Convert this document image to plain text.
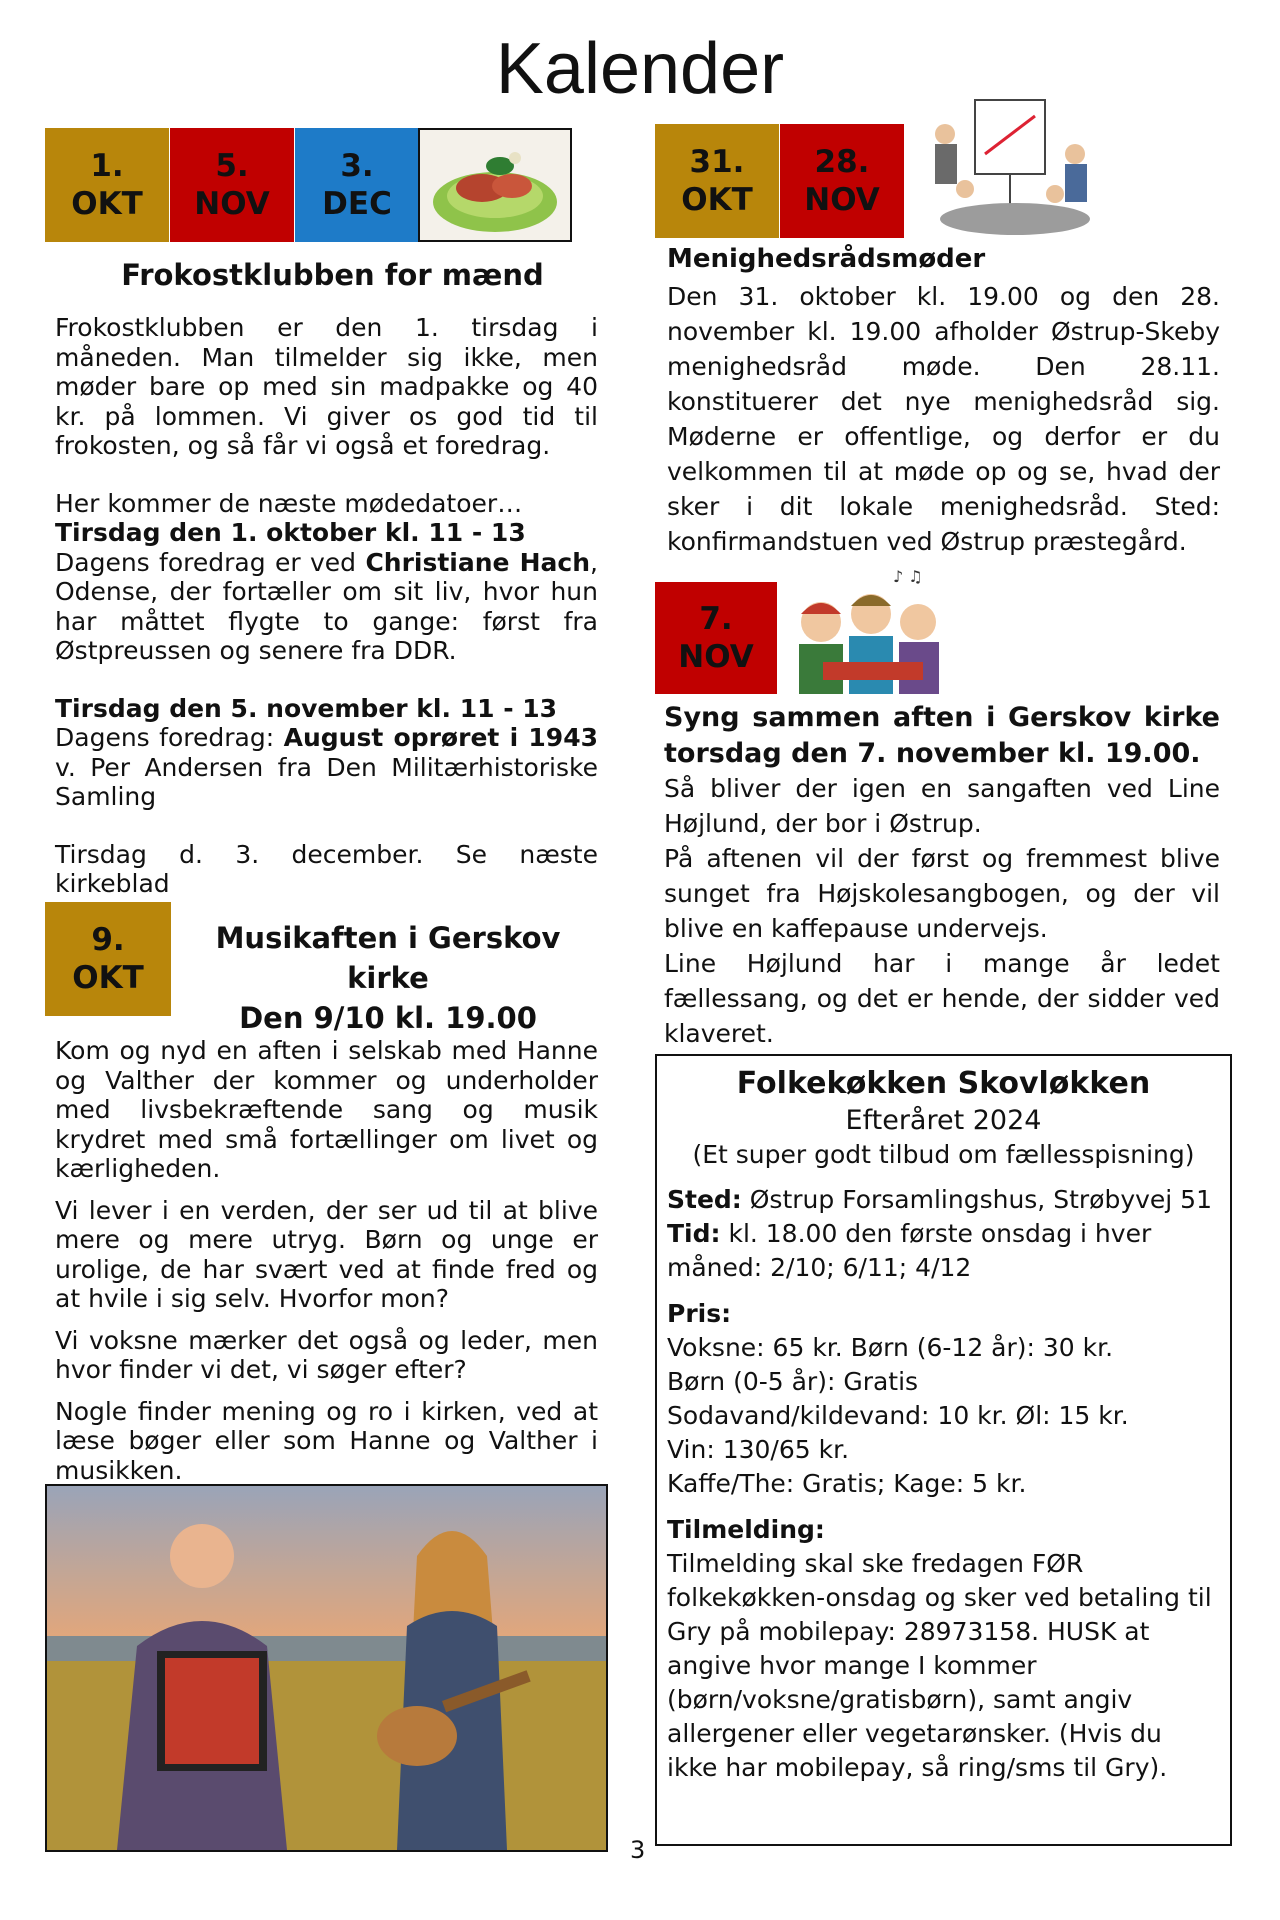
Kalender
1.
OKT
5.
NOV
3.
DEC
Frokostklubben for mænd

Frokostklubben er den 1. tirsdag i måneden. Man tilmelder sig ikke, men møder bare op med sin madpakke og 40 kr. på lommen. Vi giver os god tid til frokosten, og så får vi også et foredrag.

Her kommer de næste mødedatoer…

Tirsdag den 1. oktober kl. 11 - 13

Dagens foredrag er ved Christiane Hach, Odense, der fortæller om sit liv, hvor hun har måttet flygte to gange: først fra Østpreussen og senere fra DDR.

Tirsdag den 5. november kl. 11 - 13

Dagens foredrag: August oprøret i 1943 v. Per Andersen fra Den Militærhistoriske Samling

Tirsdag d. 3. december. Se næste kirkeblad

9.
OKT
Musikaften i Gerskov kirke
Den 9/10 kl. 19.00

Kom og nyd en aften i selskab med Hanne og Valther der kommer og underholder med livsbekræftende sang og musik krydret med små fortællinger om livet og kærligheden.

Vi lever i en verden, der ser ud til at blive mere og mere utryg. Børn og unge er urolige, de har svært ved at finde fred og at hvile i sig selv. Hvorfor mon?

Vi voksne mærker det også og leder, men hvor finder vi det, vi søger efter?

Nogle finder mening og ro i kirken, ved at læse bøger eller som Hanne og Valther i musikken.

31.
OKT
28.
NOV
Menighedsrådsmøder
Den 31. oktober kl. 19.00 og den 28. november kl. 19.00 afholder Østrup-Skeby menighedsråd møde. Den 28.11. konstituerer det nye menighedsråd sig. Møderne er offentlige, og derfor er du velkommen til at møde op og se, hvad der sker i dit lokale menighedsråd. Sted: konfirmandstuen ved Østrup præstegård.
7.
NOV
♪ ♫
Syng sammen aften i Gerskov kirke torsdag den 7. november kl. 19.00.

Så bliver der igen en sangaften ved Line Højlund, der bor i Østrup.

På aftenen vil der først og fremmest blive sunget fra Højskolesangbogen, og der vil blive en kaffepause undervejs.

Line Højlund har i mange år ledet fællessang, og det er hende, der sidder ved klaveret.

Folkekøkken Skovløkken
Efteråret 2024
(Et super godt tilbud om fællesspisning)

Sted: Østrup Forsamlingshus, Strøbyvej 51

Tid: kl. 18.00 den første onsdag i hver måned: 2/10; 6/11; 4/12

Pris:

Voksne: 65 kr. Børn (6-12 år): 30 kr.

Børn (0-5 år): Gratis

Sodavand/kildevand: 10 kr. Øl: 15 kr.

Vin: 130/65 kr.

Kaffe/The: Gratis; Kage: 5 kr.

Tilmelding:

Tilmelding skal ske fredagen FØR folkekøkken-onsdag og sker ved betaling til Gry på mobilepay: 28973158. HUSK at angive hvor mange I kommer (børn/voksne/gratisbørn), samt angiv allergener eller vegetarønsker. (Hvis du ikke har mobilepay, så ring/sms til Gry).

3
